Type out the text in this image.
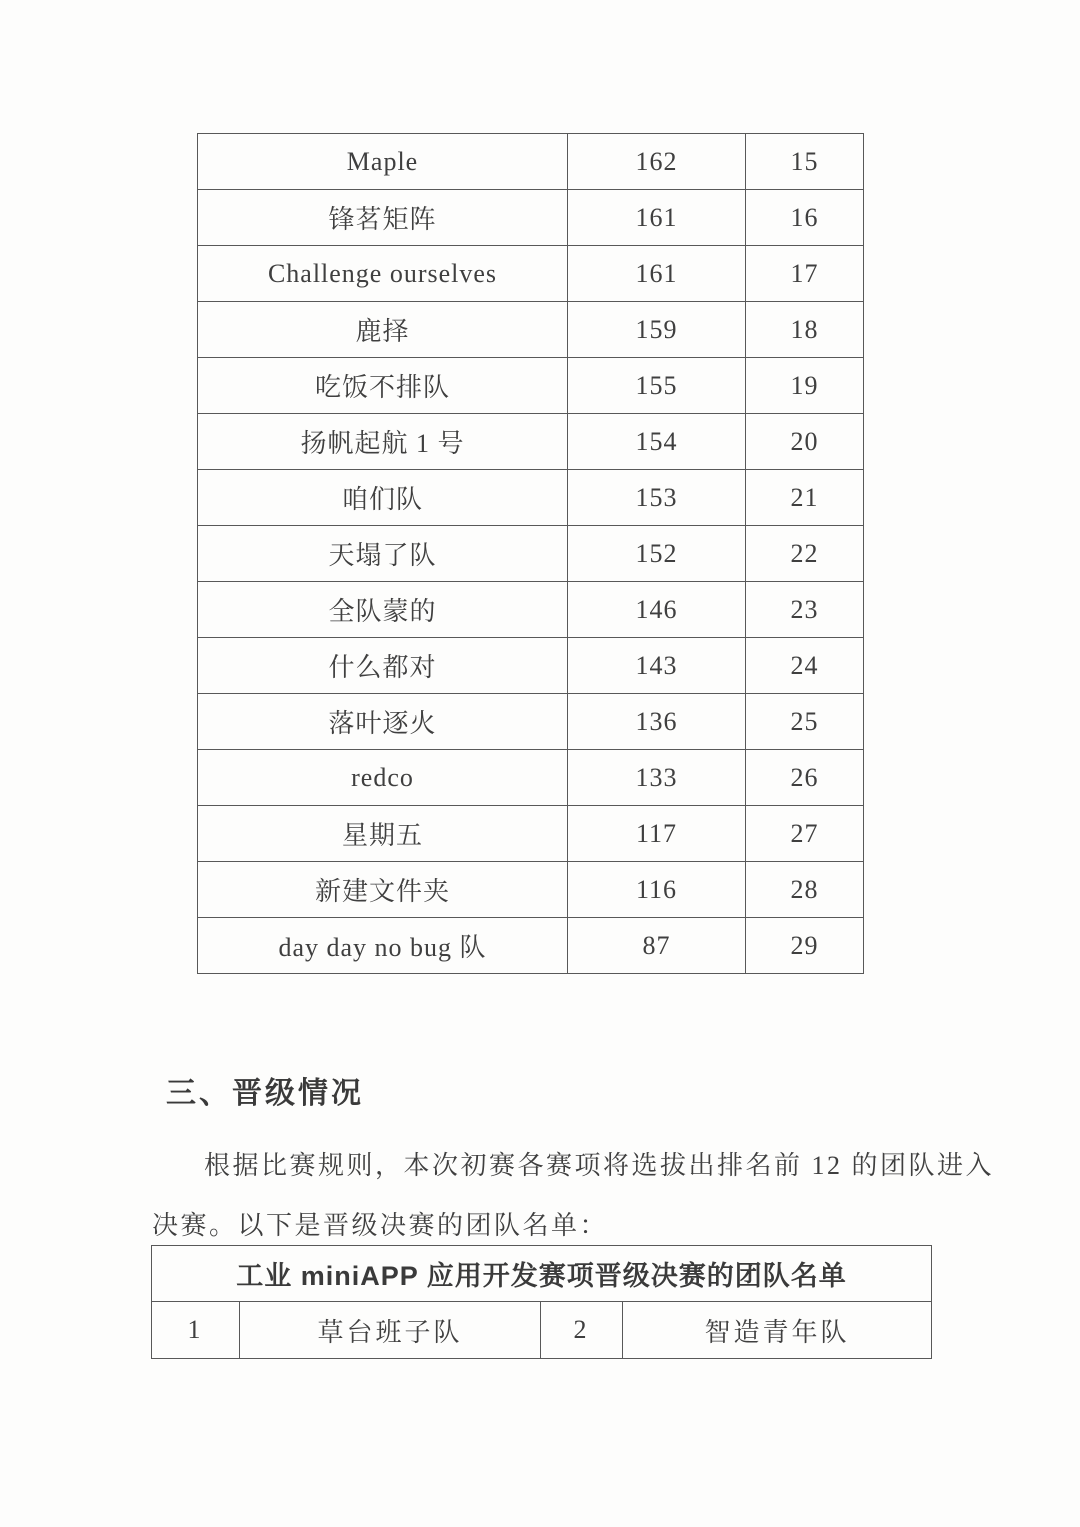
Maple	162	15
锋茗矩阵	161	16
Challenge ourselves	161	17
鹿择	159	18
吃饭不排队	155	19
扬帆起航 1 号	154	20
咱们队	153	21
天塌了队	152	22
全队蒙的	146	23
什么都对	143	24
落叶逐火	136	25
redco	133	26
星期五	117	27
新建文件夹	116	28
day day no bug 队	87	29
三、晋级情况
根据比赛规则，本次初赛各赛项将选拔出排名前 12 的团队进入
决赛。以下是晋级决赛的团队名单：
工业 miniAPP 应用开发赛项晋级决赛的团队名单
1	草台班子队	2	智造青年队
